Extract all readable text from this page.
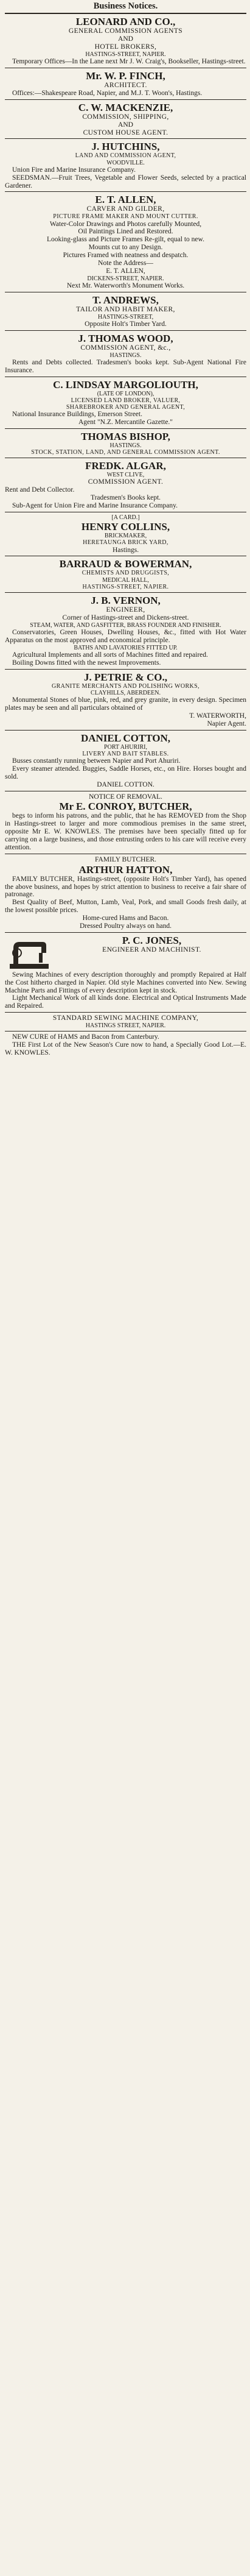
Business Notices.
LEONARD AND CO.,
GENERAL COMMISSION AGENTS
AND
HOTEL BROKERS,
HASTINGS-STREET, NAPIER.
Temporary Offices—In the Lane next Mr J. W. Craig's, Bookseller, Hastings-street.
Mr. W. P. FINCH,
ARCHITECT.
Offices:—Shakespeare Road, Napier, and M.J. T. Woon's, Hastings.
C. W. MACKENZIE,
COMMISSION, SHIPPING,
AND
CUSTOM HOUSE AGENT.
J. HUTCHINS,
LAND AND COMMISSION AGENT,
WOODVILLE.
Union Fire and Marine Insurance Company.
SEEDSMAN.—Fruit Trees, Vegetable and Flower Seeds, selected by a practical Gardener.
E. T. ALLEN,
CARVER AND GILDER,
PICTURE FRAME MAKER AND MOUNT CUTTER.
Water-Color Drawings and Photos carefully Mounted,
Oil Paintings Lined and Restored.
Looking-glass and Picture Frames Re-gilt, equal to new.
Mounts cut to any Design.
Pictures Framed with neatness and despatch.
Note the Address—
E. T. ALLEN,
DICKENS-STREET, NAPIER.
Next Mr. Waterworth's Monument Works.
T. ANDREWS,
TAILOR AND HABIT MAKER,
HASTINGS-STREET,
Opposite Holt's Timber Yard.
J. THOMAS WOOD,
COMMISSION AGENT, &c.,
HASTINGS.
Rents and Debts collected. Tradesmen's books kept. Sub-Agent National Fire Insurance.
C. LINDSAY MARGOLIOUTH,
(LATE OF LONDON),
LICENSED LAND BROKER, VALUER,
SHAREBROKER AND GENERAL AGENT,
National Insurance Buildings, Emerson Street.
Agent "N.Z. Mercantile Gazette."
THOMAS BISHOP,
HASTINGS.
STOCK, STATION, LAND, AND GENERAL COMMISSION AGENT.
FREDK. ALGAR,
WEST CLIVE,
COMMISSION AGENT.
Rent and Debt Collector.
Tradesmen's Books kept.
Sub-Agent for Union Fire and Marine Insurance Company.
[A CARD.]
HENRY COLLINS,
BRICKMAKER,
HERETAUNGA BRICK YARD,
Hastings.
BARRAUD & BOWERMAN,
CHEMISTS AND DRUGGISTS,
MEDICAL HALL,
HASTINGS-STREET, NAPIER.
J. B. VERNON,
ENGINEER,
Corner of Hastings-street and Dickens-street.
STEAM, WATER, AND GASFITTER, BRASS FOUNDER AND FINISHER.
Conservatories, Green Houses, Dwelling Houses, &c., fitted with Hot Water Apparatus on the most approved and economical principle.
BATHS AND LAVATORIES FITTED UP.
Agricultural Implements and all sorts of Machines fitted and repaired.
Boiling Downs fitted with the newest Improvements.
J. PETRIE & CO.,
GRANITE MERCHANTS AND POLISHING WORKS,
CLAYHILLS, ABERDEEN.
Monumental Stones of blue, pink, red, and grey granite, in every design. Specimen plates may be seen and all particulars obtained of
T. WATERWORTH,
Napier Agent.
DANIEL COTTON,
PORT AHURIRI,
LIVERY AND BAIT STABLES.
Busses constantly running between Napier and Port Ahuriri.
Every steamer attended. Buggies, Saddle Horses, etc., on Hire. Horses bought and sold.
DANIEL COTTON.
NOTICE OF REMOVAL.
Mr E. CONROY, BUTCHER,
begs to inform his patrons, and the public, that he has REMOVED from the Shop in Hastings-street to larger and more commodious premises in the same street, opposite Mr E. W. KNOWLES. The premises have been specially fitted up for carrying on a large business, and those entrusting orders to his care will receive every attention.
FAMILY BUTCHER.
ARTHUR HATTON,
FAMILY BUTCHER, Hastings-street, (opposite Holt's Timber Yard), has opened the above business, and hopes by strict attention to business to receive a fair share of patronage.
Best Quality of Beef, Mutton, Lamb, Veal, Pork, and small Goods fresh daily, at the lowest possible prices.
Home-cured Hams and Bacon.
Dressed Poultry always on hand.
P. C. JONES,
ENGINEER AND MACHINIST.
Sewing Machines of every description thoroughly and promptly Repaired at Half the Cost hitherto charged in Napier. Old style Machines converted into New. Sewing Machine Parts and Fittings of every description kept in stock.
Light Mechanical Work of all kinds done. Electrical and Optical Instruments Made and Repaired.
STANDARD SEWING MACHINE COMPANY,
HASTINGS STREET, NAPIER.
NEW CURE of HAMS and Bacon from Canterbury.
THE First Lot of the New Season's Cure now to hand, a Specially Good Lot.—E. W. KNOWLES.
